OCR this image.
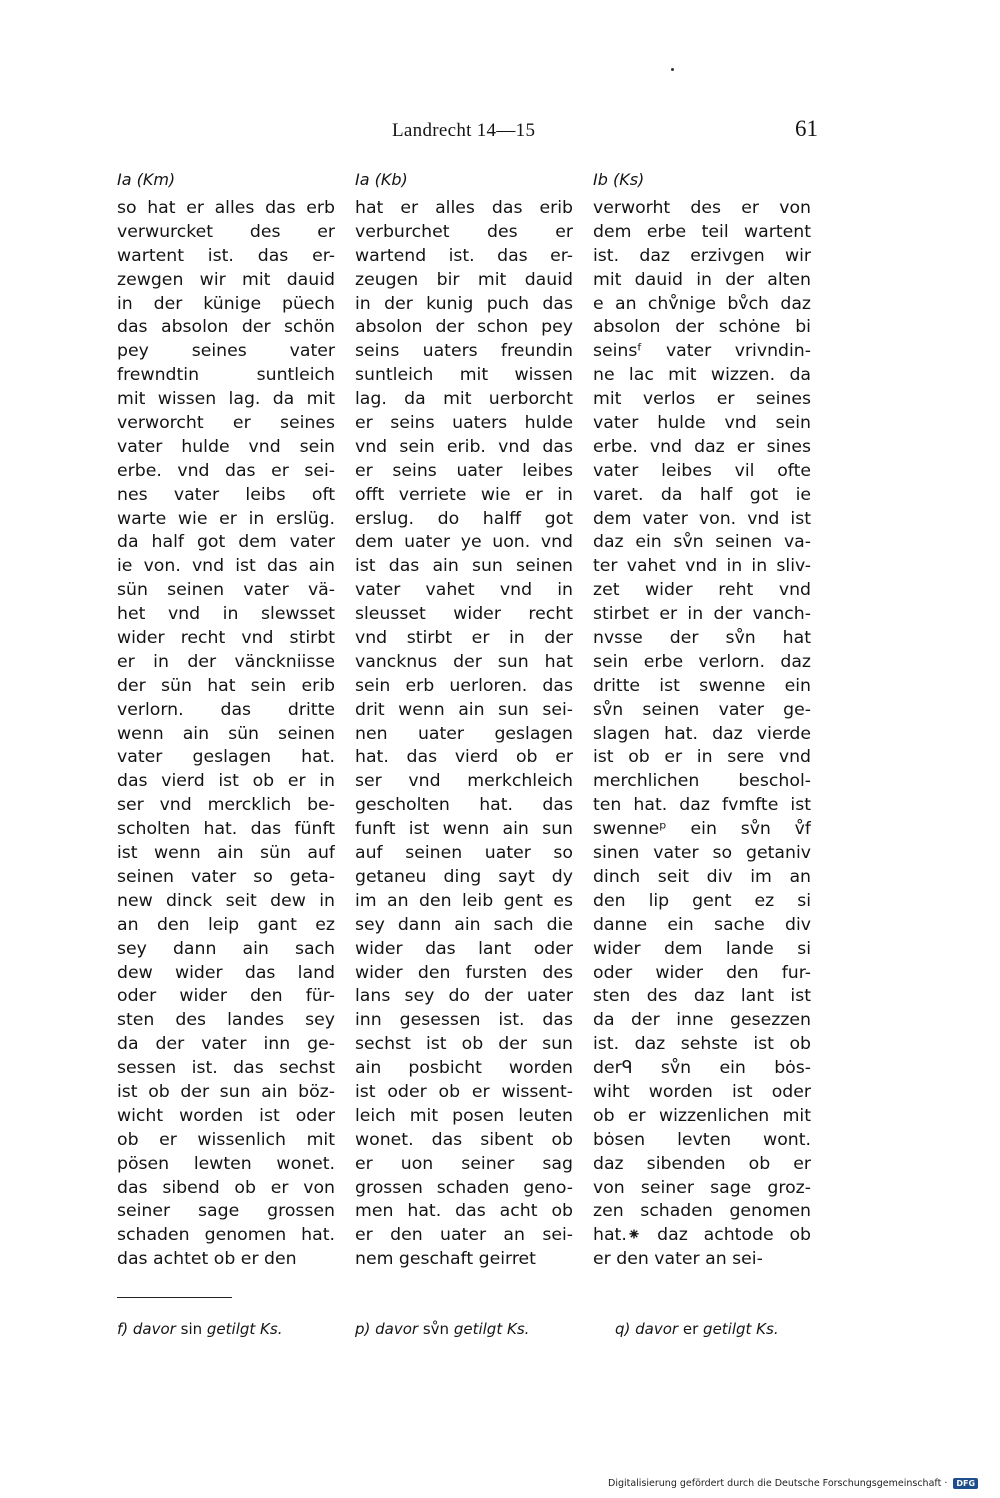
Landrecht 14—15	61
Ia (Km)	Ia (Kb)	Ib (Ks)
so hat er alles das erb
verwurcket des er
wartent ist. das er-
zewgen wir mit dauid
in der künige püech
das absolon der schön
pey seines vater
frewndtin suntleich
mit wissen lag. da mit
verworcht er seines
vater hulde vnd sein
erbe. vnd das er sei-
nes vater leibs oft
warte wie er in erslüg.
da half got dem vater
ie von. vnd ist das ain
sün seinen vater vä-
het vnd in slewsset
wider recht vnd stirbt
er in der vänckniisse
der sün hat sein erib
verlorn. das dritte
wenn ain sün seinen
vater geslagen hat.
das vierd ist ob er in
ser vnd mercklich be-
scholten hat. das fünft
ist wenn ain sün auf
seinen vater so geta-
new dinck seit dew in
an den leip gant ez
sey dann ain sach
dew wider das land
oder wider den für-
sten des landes sey
da der vater inn ge-
sessen ist. das sechst
ist ob der sun ain böz-
wicht worden ist oder
ob er wissenlich mit
pösen lewten wonet.
das sibend ob er von
seiner sage grossen
schaden genomen hat.
das achtet ob er den
hat er alles das erib
verburchet des er
wartend ist. das er-
zeugen bir mit dauid
in der kunig puch das
absolon der schon pey
seins uaters freundin
suntleich mit wissen
lag. da mit uerborcht
er seins uaters hulde
vnd sein erib. vnd das
er seins uater leibes
offt verriete wie er in
erslug. do halff got
dem uater ye uon. vnd
ist das ain sun seinen
vater vahet vnd in
sleusset wider recht
vnd stirbt er in der
vancknus der sun hat
sein erb uerloren. das
drit wenn ain sun sei-
nen uater geslagen
hat. das vierd ob er
ser vnd merkchleich
gescholten hat. das
funft ist wenn ain sun
auf seinen uater so
getaneu ding sayt dy
im an den leib gent es
sey dann ain sach die
wider das lant oder
wider den fursten des
lans sey do der uater
inn gesessen ist. das
sechst ist ob der sun
ain posbicht worden
ist oder ob er wissent-
leich mit posen leuten
wonet. das sibent ob
er uon seiner sag
grossen schaden geno-
men hat. das acht ob
er den uater an sei-
nem geschaft geirret
verworht des er von
dem erbe teil wartent
ist. daz erzivgen wir
mit dauid in der alten
e an chv̊nige bv̊ch daz
absolon der schȯne bi
seinsᶠ vater vrivndin-
ne lac mit wizzen. da
mit verlos er seines
vater hulde vnd sein
erbe. vnd daz er sines
vater leibes vil ofte
varet. da half got ie
dem vater von. vnd ist
daz ein sv̊n seinen va-
ter vahet vnd in in sliv-
zet wider reht vnd
stirbet er in der vanch-
nvsse der sv̊n hat
sein erbe verlorn. daz
dritte ist swenne ein
sv̊n seinen vater ge-
slagen hat. daz vierde
ist ob er in sere vnd
merchlichen beschol-
ten hat. daz fvmfte ist
swenneᵖ ein sv̊n v̊f
sinen vater so getaniv
dinch seit div im an
den lip gent ez si
danne ein sache div
wider dem lande si
oder wider den fur-
sten des daz lant ist
da der inne gesezzen
ist. daz sehste ist ob
derᑫ sv̊n ein bȯs-
wiht worden ist oder
ob er wizzenlichen mit
bȯsen levten wont.
daz sibenden ob er
von seiner sage groz-
zen schaden genomen
hat.⁕ daz achtode ob
er den vater an sei-
f) davor sin getilgt Ks.	p) davor sv̊n getilgt Ks.	q) davor er getilgt Ks.
Digitalisierung gefördert durch die Deutsche Forschungsgemeinschaft · DFG
